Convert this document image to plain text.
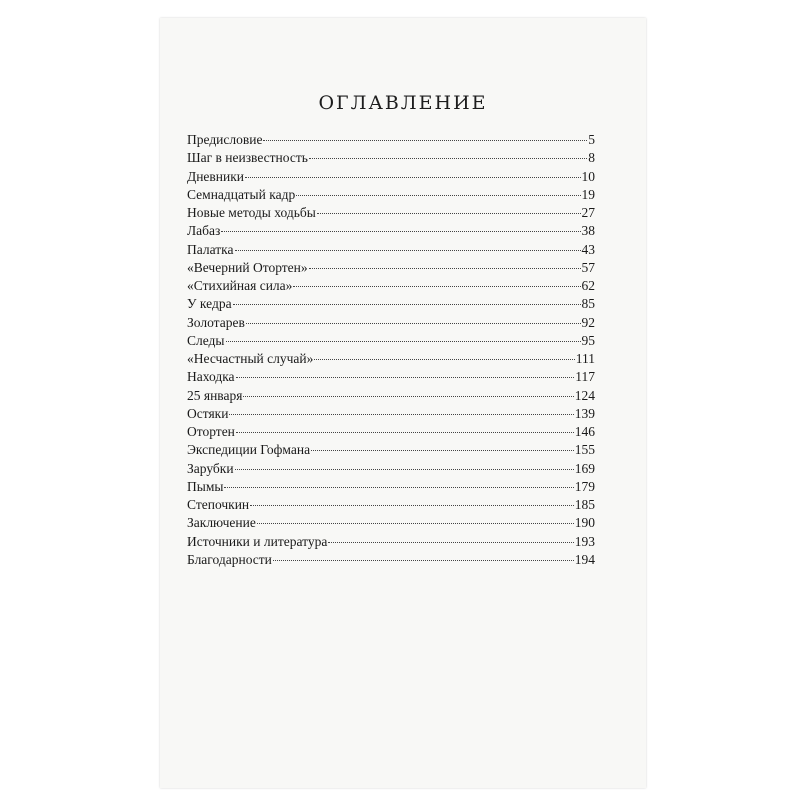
ОГЛАВЛЕНИЕ
Предисловие	5
Шаг в неизвестность	8
Дневники	10
Семнадцатый кадр	19
Новые методы ходьбы	27
Лабаз	38
Палатка	43
«Вечерний Отортен»	57
«Стихийная сила»	62
У кедра	85
Золотарев	92
Следы	95
«Несчастный случай»	111
Находка	117
25 января	124
Остяки	139
Отортен	146
Экспедиции Гофмана	155
Зарубки	169
Пымы	179
Степочкин	185
Заключение	190
Источники и литература	193
Благодарности	194
